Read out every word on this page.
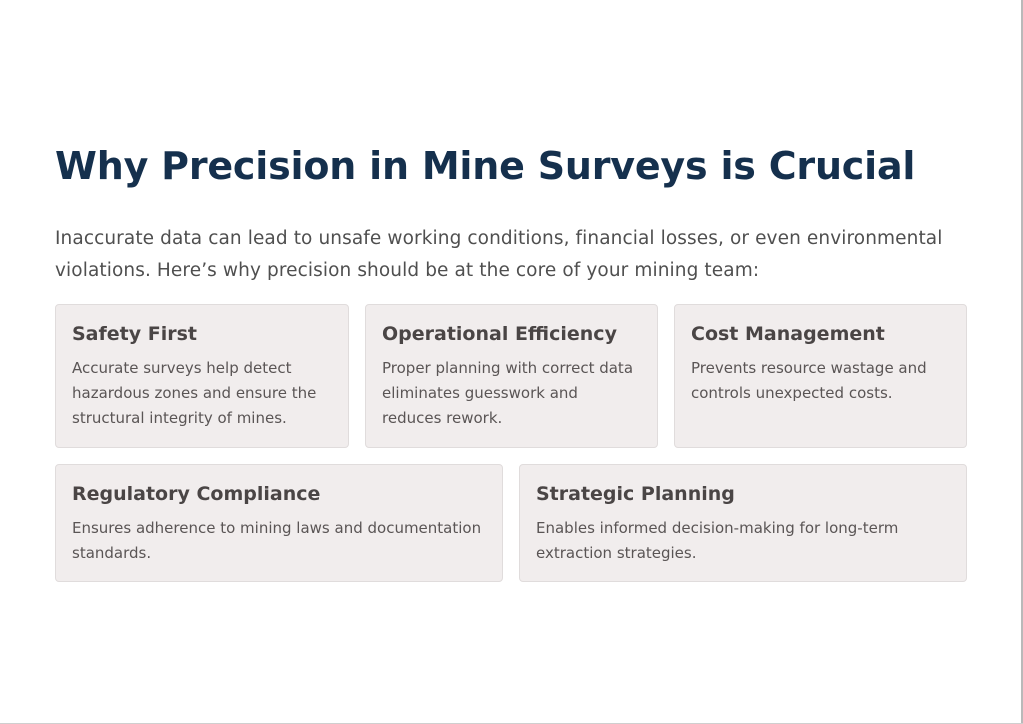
Why Precision in Mine Surveys is Crucial

Inaccurate data can lead to unsafe working conditions, financial losses, or even environmental violations. Here’s why precision should be at the core of your mining team:

Safety First

Accurate surveys help detect hazardous zones and ensure the structural integrity of mines.

Operational Efficiency

Proper planning with correct data eliminates guesswork and reduces rework.

Cost Management

Prevents resource wastage and controls unexpected costs.

Regulatory Compliance

Ensures adherence to mining laws and documentation standards.

Strategic Planning

Enables informed decision-making for long-term extraction strategies.
